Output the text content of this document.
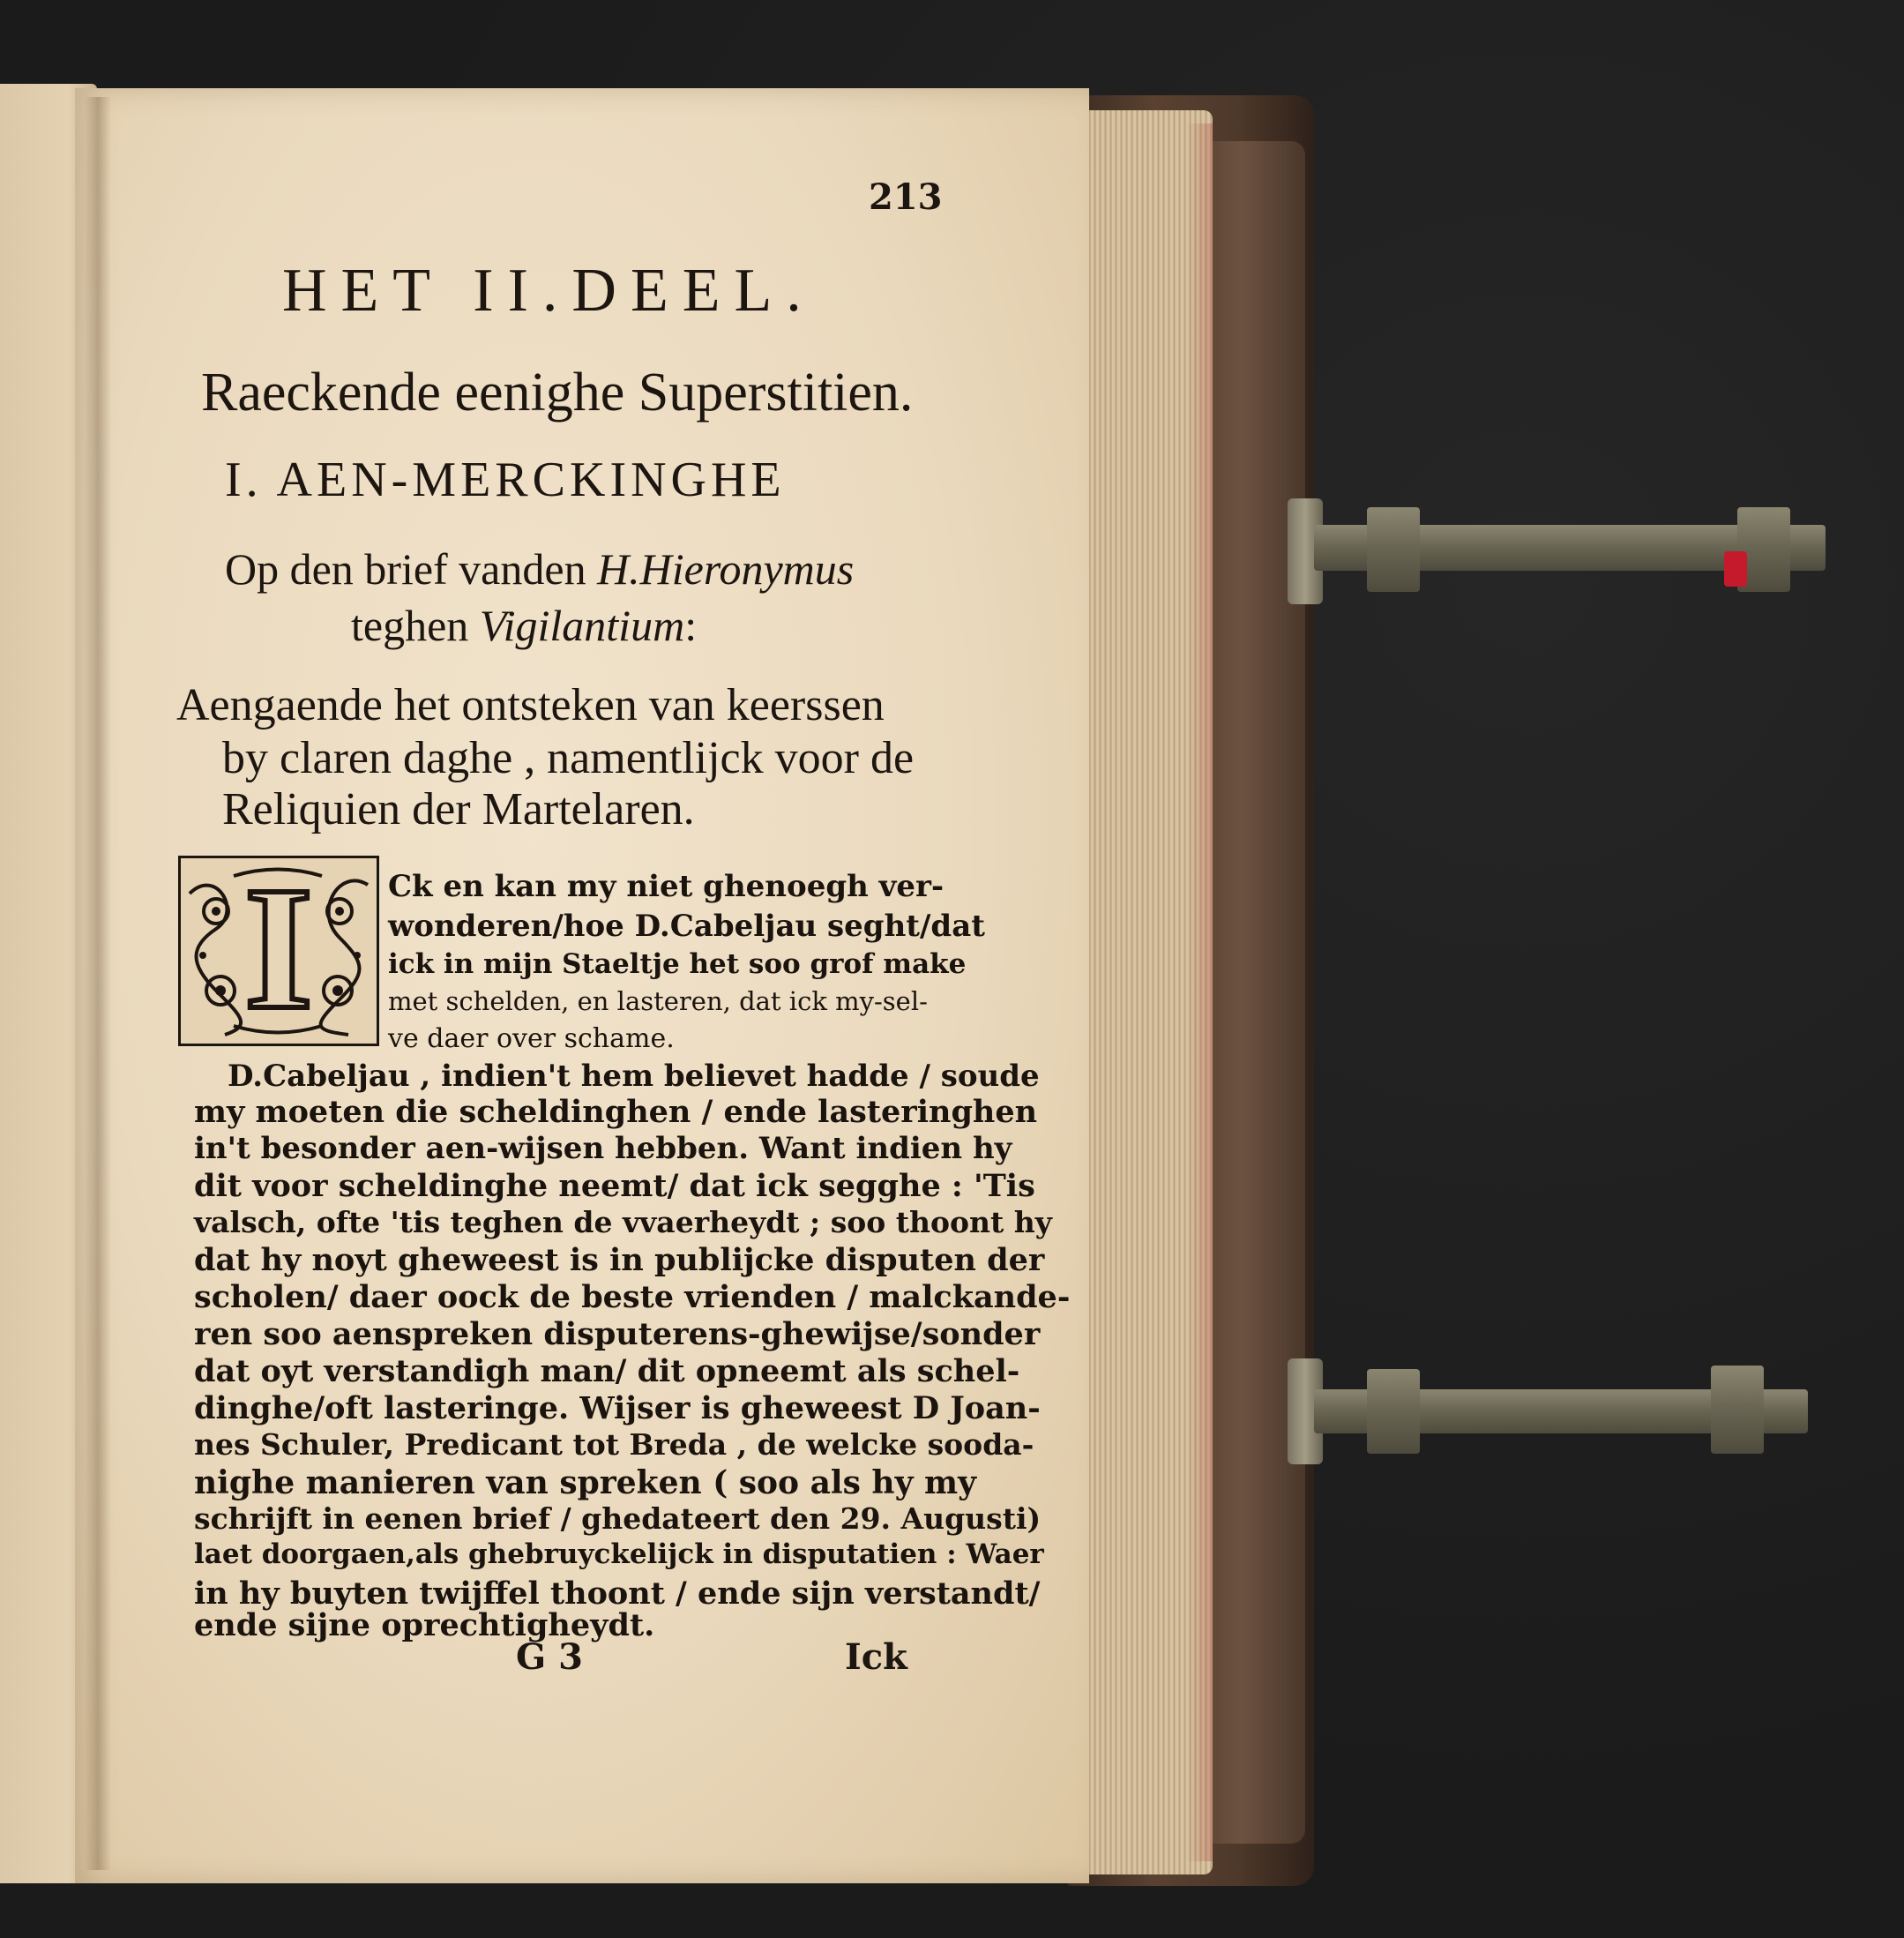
213
HET II.DEEL.
Raeckende eenighe Superstitien.
I. AEN-MERCKINGHE
Op den brief vanden H.Hieronymus
teghen Vigilantium:
Aengaende het ontsteken van keerssen
by claren daghe , namentlijck voor de
Reliquien der Martelaren.
I	Ck en kan my niet ghenoegh ver-
wonderen/hoe D.Cabeljau seght/dat
ick in mijn Staeltje het soo grof make
met schelden, en lasteren, dat ick my-sel-
ve daer over schame.
D.Cabeljau , indien't hem believet hadde / soude
my moeten die scheldinghen / ende lasteringhen
in't besonder aen-wijsen hebben. Want indien hy
dit voor scheldinghe neemt/ dat ick segghe : 'Tis
valsch, ofte 'tis teghen de vvaerheydt ; soo thoont hy
dat hy noyt gheweest is in publijcke disputen der
scholen/ daer oock de beste vrienden / malckande-
ren soo aenspreken disputerens-ghewijse/sonder
dat oyt verstandigh man/ dit opneemt als schel-
dinghe/oft lasteringe. Wijser is gheweest D Joan-
nes Schuler, Predicant tot Breda , de welcke sooda-
nighe manieren van spreken ( soo als hy my
schrijft in eenen brief / ghedateert den 29. Augusti)
laet doorgaen,als ghebruyckelijck in disputatien : Waer
in hy buyten twijffel thoont / ende sijn verstandt/
ende sijne oprechtigheydt.
G 3	Ick
